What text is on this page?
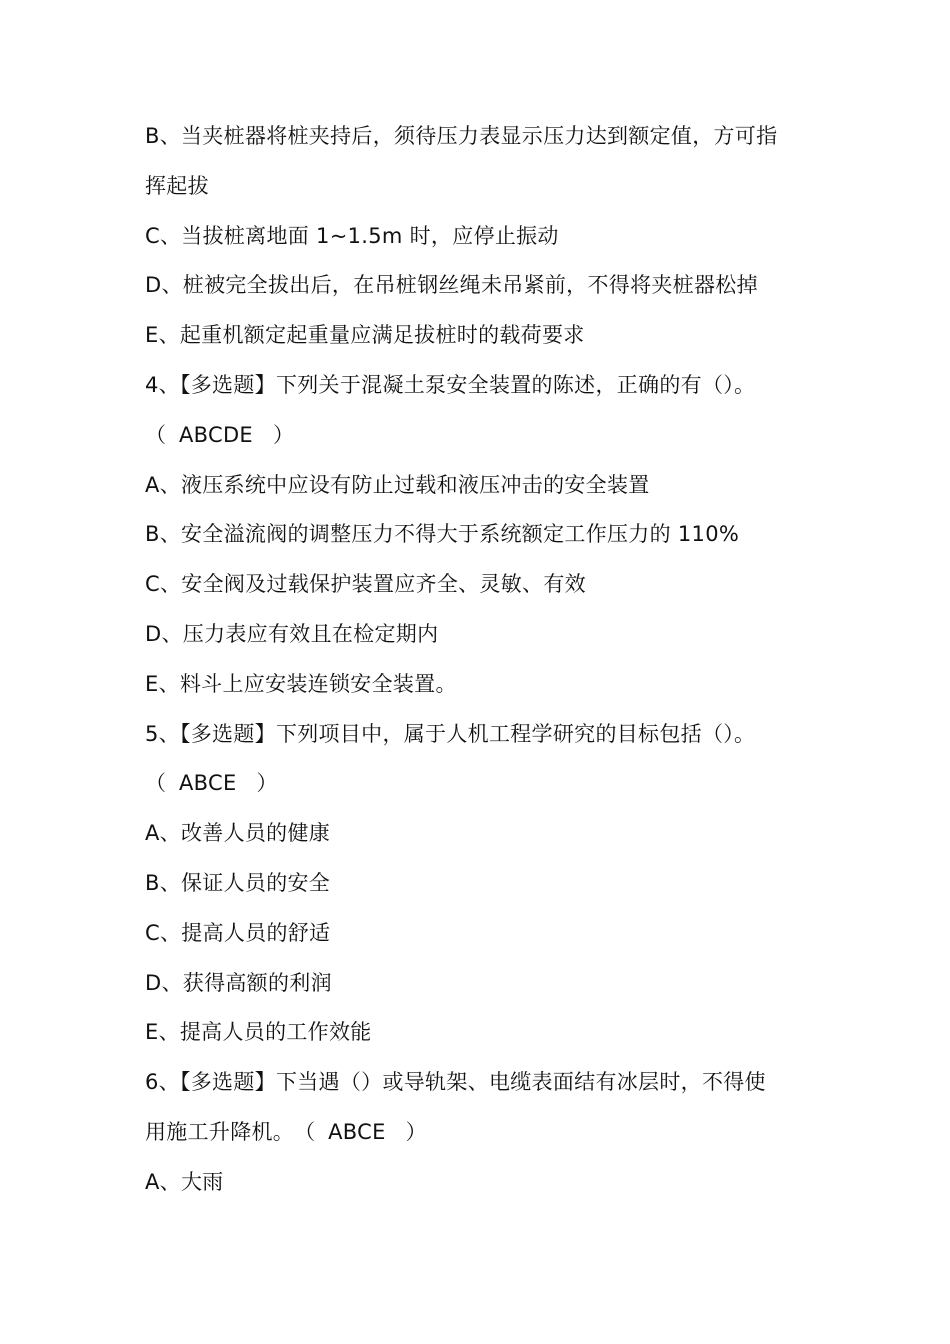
B、当夹桩器将桩夹持后，须待压力表显示压力达到额定值，方可指
挥起拔
C、当拔桩离地面 1~1.5m 时，应停止振动
D、桩被完全拔出后，在吊桩钢丝绳未吊紧前，不得将夹桩器松掉
E、起重机额定起重量应满足拔桩时的载荷要求
4、【多选题】下列关于混凝土泵安全装置的陈述，正确的有（）。
（ ABCDE ）
A、液压系统中应设有防止过载和液压冲击的安全装置
B、安全溢流阀的调整压力不得大于系统额定工作压力的 110%
C、安全阀及过载保护装置应齐全、灵敏、有效
D、压力表应有效且在检定期内
E、料斗上应安装连锁安全装置。
5、【多选题】下列项目中，属于人机工程学研究的目标包括（）。
（ ABCE ）
A、改善人员的健康
B、保证人员的安全
C、提高人员的舒适
D、获得高额的利润
E、提高人员的工作效能
6、【多选题】下当遇（）或导轨架、电缆表面结有冰层时，不得使
用施工升降机。（ ABCE ）
A、大雨
